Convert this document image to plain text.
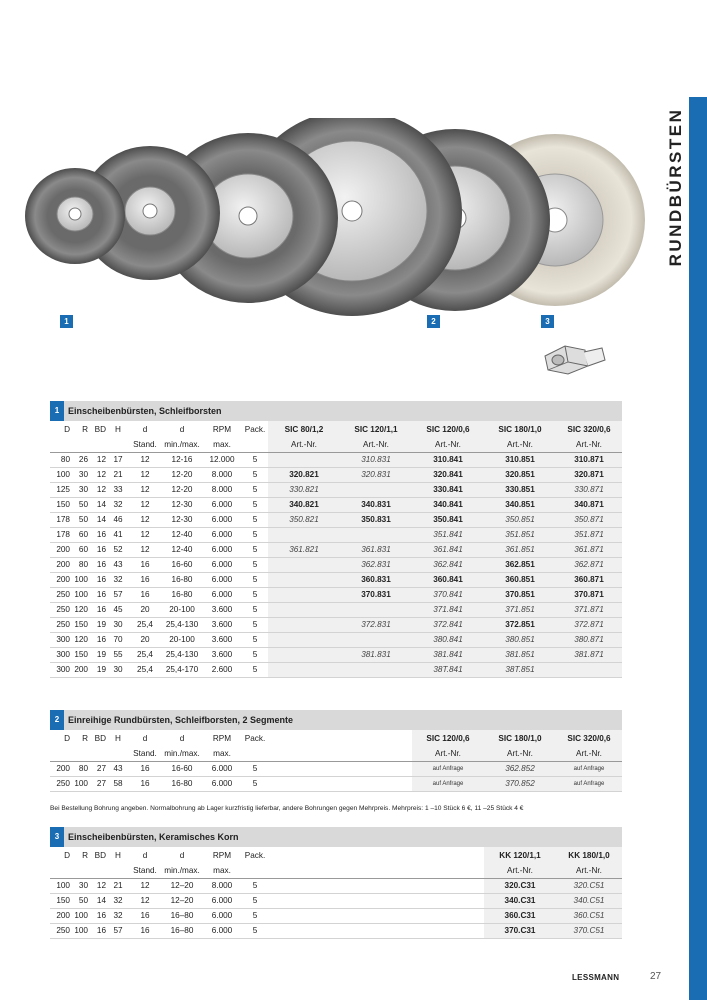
RUNDBÜRSTEN
1	2	3
1 Einscheibenbürsten, Schleifborsten
D	R	BD	H	d	d	RPM	Pack.	SIC 80/1,2	SIC 120/1,1	SIC 120/0,6	SIC 180/1,0	SIC 320/0,6
				Stand.	min./max.	max.		Art.-Nr.	Art.-Nr.	Art.-Nr.	Art.-Nr.	Art.-Nr.
80	26	12	17	12	12-16	12.000	5		310.831	310.841	310.851	310.871
100	30	12	21	12	12-20	8.000	5	320.821	320.831	320.841	320.851	320.871
125	30	12	33	12	12-20	8.000	5	330.821		330.841	330.851	330.871
150	50	14	32	12	12-30	6.000	5	340.821	340.831	340.841	340.851	340.871
178	50	14	46	12	12-30	6.000	5	350.821	350.831	350.841	350.851	350.871
178	60	16	41	12	12-40	6.000	5			351.841	351.851	351.871
200	60	16	52	12	12-40	6.000	5	361.821	361.831	361.841	361.851	361.871
200	80	16	43	16	16-60	6.000	5		362.831	362.841	362.851	362.871
200	100	16	32	16	16-80	6.000	5		360.831	360.841	360.851	360.871
250	100	16	57	16	16-80	6.000	5		370.831	370.841	370.851	370.871
250	120	16	45	20	20-100	3.600	5			371.841	371.851	371.871
250	150	19	30	25,4	25,4-130	3.600	5		372.831	372.841	372.851	372.871
300	120	16	70	20	20-100	3.600	5			380.841	380.851	380.871
300	150	19	55	25,4	25,4-130	3.600	5		381.831	381.841	381.851	381.871
300	200	19	30	25,4	25,4-170	2.600	5			38T.841	38T.851	
2 Einreihige Rundbürsten, Schleifborsten, 2 Segmente
D	R	BD	H	d	d	RPM	Pack.			SIC 120/0,6	SIC 180/1,0	SIC 320/0,6
				Stand.	min./max.	max.				Art.-Nr.	Art.-Nr.	Art.-Nr.
200	80	27	43	16	16-60	6.000	5			auf Anfrage	362.852	auf Anfrage
250	100	27	58	16	16-80	6.000	5			auf Anfrage	370.852	auf Anfrage
Bei Bestellung Bohrung angeben. Normalbohrung ab Lager kurzfristig lieferbar, andere Bohrungen gegen Mehrpreis. Mehrpreis: 1 –10 Stück 6 €, 11 –25 Stück 4 €
3 Einscheibenbürsten, Keramisches Korn
D	R	BD	H	d	d	RPM	Pack.				KK 120/1,1	KK 180/1,0
				Stand.	min./max.	max.					Art.-Nr.	Art.-Nr.
100	30	12	21	12	12–20	8.000	5				320.C31	320.C51
150	50	14	32	12	12–20	6.000	5				340.C31	340.C51
200	100	16	32	16	16–80	6.000	5				360.C31	360.C51
250	100	16	57	16	16–80	6.000	5				370.C31	370.C51
LESSMANN	27
